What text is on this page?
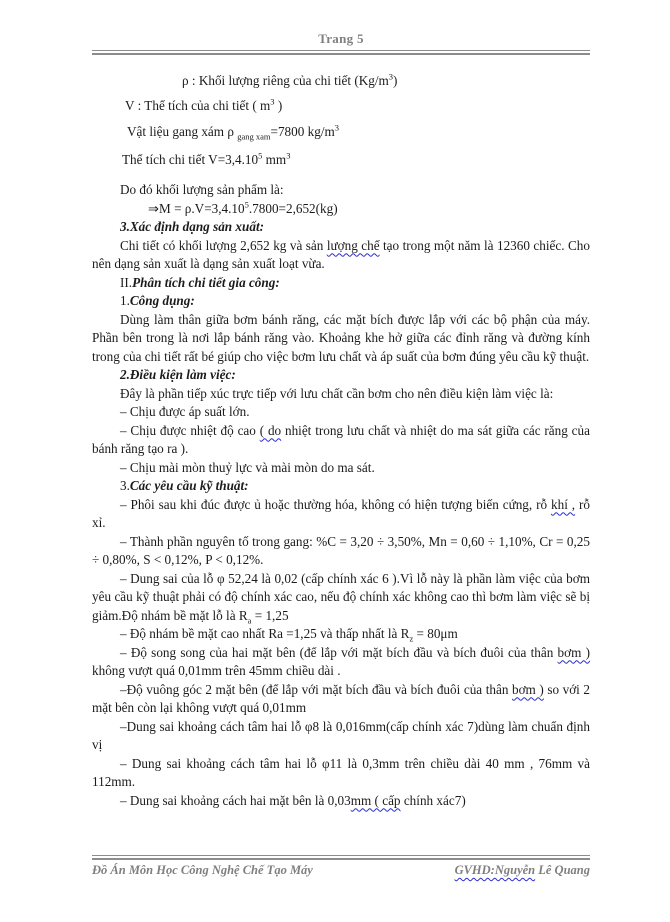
Trang 5
ρ : Khối lượng riêng của chi tiết $(Kg/m^3)$
V : Thể tích của chi tiết ( $m^3$ )
Vật liệu gang xám ρ $_{gang xam}$=7800 $kg/m^3$
Thể tích chi tiết $V=3,4.10^5$ $mm^3$
Do đó khối lượng sản phẩm là:
⇒M = $\rho.V=3,4.10^5.7800=2,652(kg)$
3.Xác định dạng sản xuất:
Chi tiết có khối lượng 2,652 kg và sản lượng chế tạo trong một năm là 12360 chiếc. Cho nên dạng sản xuất là dạng sản xuất loạt vừa.
II.Phân tích chi tiết gia công:
1.Công dụng:
Dùng làm thân giữa bơm bánh răng, các mặt bích được lắp với các bộ phận của máy. Phần bên trong là nơi lắp bánh răng vào. Khoảng khe hở giữa các đỉnh răng và đường kính trong của chi tiết rất bé giúp cho việc bơm lưu chất và áp suất của bơm đúng yêu cầu kỹ thuật.
2.Điều kiện làm việc:
Đây là phần tiếp xúc trực tiếp với lưu chất cần bơm cho nên điều kiện làm việc là:
– Chịu được áp suất lớn.
– Chịu được nhiệt độ cao ( do nhiệt trong lưu chất và nhiệt do ma sát giữa các răng của bánh răng tạo ra ).
– Chịu mài mòn thuỷ lực và mài mòn do ma sát.
3.Các yêu cầu kỹ thuật:
– Phôi sau khi đúc được ủ hoặc thường hóa, không có hiện tượng biến cứng, rỗ khí , rỗ xỉ.
– Thành phần nguyên tố trong gang: %C = 3,20 ÷ 3,50%, Mn = 0,60 ÷ 1,10%, Cr = 0,25 ÷ 0,80%, S < 0,12%, P < 0,12%.
– Dung sai của lỗ φ 52,24 là 0,02 (cấp chính xác 6 ).Vì lỗ này là phần làm việc của bơm yêu cầu kỹ thuật phải có độ chính xác cao, nếu độ chính xác không cao thì bơm làm việc sẽ bị giảm.Độ nhám bề mặt lỗ là $R_a = 1,25$
– Độ nhám bề mặt cao nhất Ra =1,25 và thấp nhất là $R_z = 80\mu m$
– Độ song song của hai mặt bên (để lắp với mặt bích đầu và bích đuôi của thân bơm ) không vượt quá 0,01mm trên 45mm chiều dài .
–Độ vuông góc 2 mặt bên (để lắp với mặt bích đầu và bích đuôi của thân bơm ) so với 2 mặt bên còn lại không vượt quá 0,01mm
–Dung sai khoảng cách tâm hai lỗ φ8 là 0,016mm(cấp chính xác 7)dùng làm chuẩn định vị
– Dung sai khoảng cách tâm hai lỗ φ11 là 0,3mm trên chiều dài 40 mm , 76mm và 112mm.
– Dung sai khoảng cách hai mặt bên là 0,03mm ( cấp chính xác7)
Đồ Án Môn Học Công Nghệ Chế Tạo Máy	GVHD:Nguyễn Lê Quang
